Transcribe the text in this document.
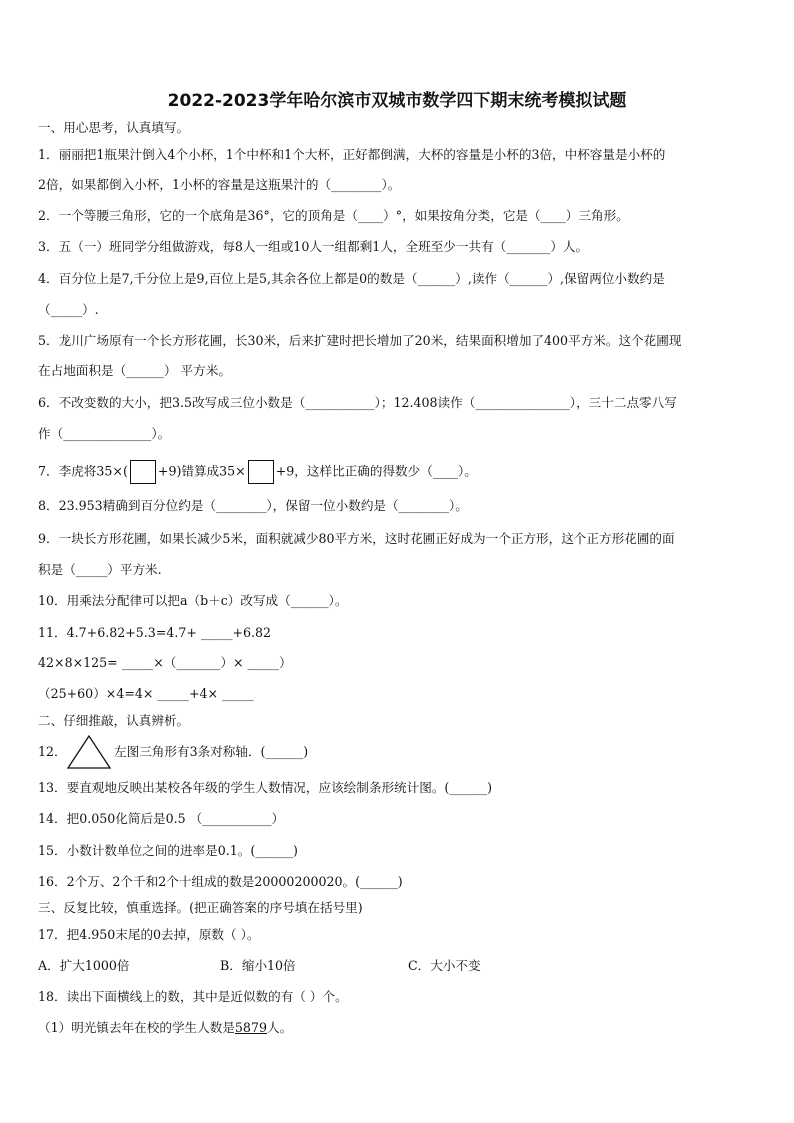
2022-2023学年哈尔滨市双城市数学四下期末统考模拟试题
一、用心思考，认真填写。
1．丽丽把1瓶果汁倒入4个小杯，1个中杯和1个大杯，正好都倒满，大杯的容量是小杯的3倍，中杯容量是小杯的
2倍，如果都倒入小杯，1小杯的容量是这瓶果汁的（________）。
2．一个等腰三角形，它的一个底角是36°，它的顶角是（____）°，如果按角分类，它是（____）三角形。
3．五（一）班同学分组做游戏，每8人一组或10人一组都剩1人，全班至少一共有（_______）人。
4．百分位上是7,千分位上是9,百位上是5,其余各位上都是0的数是（______）,读作（______）,保留两位小数约是
（_____）.
5．龙川广场原有一个长方形花圃，长30米，后来扩建时把长增加了20米，结果面积增加了400平方米。这个花圃现
在占地面积是（______） 平方米。
6．不改变数的大小，把3.5改写成三位小数是（___________）；12.408读作（_______________），三十二点零八写
作（______________）。
7．李虎将35×( +9)错算成35× +9，这样比正确的得数少（____）。
8．23.953精确到百分位约是（________），保留一位小数约是（________）。
9．一块长方形花圃，如果长减少5米，面积就减少80平方米，这时花圃正好成为一个正方形，这个正方形花圃的面
积是（_____）平方米.
10．用乘法分配律可以把a（b＋c）改写成（______）。
11．4.7+6.82+5.3=4.7+ _____+6.82
42×8×125= _____×（_______）× _____）
（25+60）×4=4× _____+4× _____
二、仔细推敲，认真辨析。
12．	左图三角形有3条对称轴．(______)
13．要直观地反映出某校各年级的学生人数情况，应该绘制条形统计图。(______)
14．把0.050化简后是0.5 （___________）
15．小数计数单位之间的进率是0.1。(______)
16．2个万、2个千和2个十组成的数是20000200020。(______)
三、反复比较，慎重选择。(把正确答案的序号填在括号里)
17．把4.950末尾的0去掉，原数（ ）。
A．扩大1000倍	B．缩小10倍	C．大小不变
18．读出下面横线上的数，其中是近似数的有（ ）个。
（1）明光镇去年在校的学生人数是5879人。
